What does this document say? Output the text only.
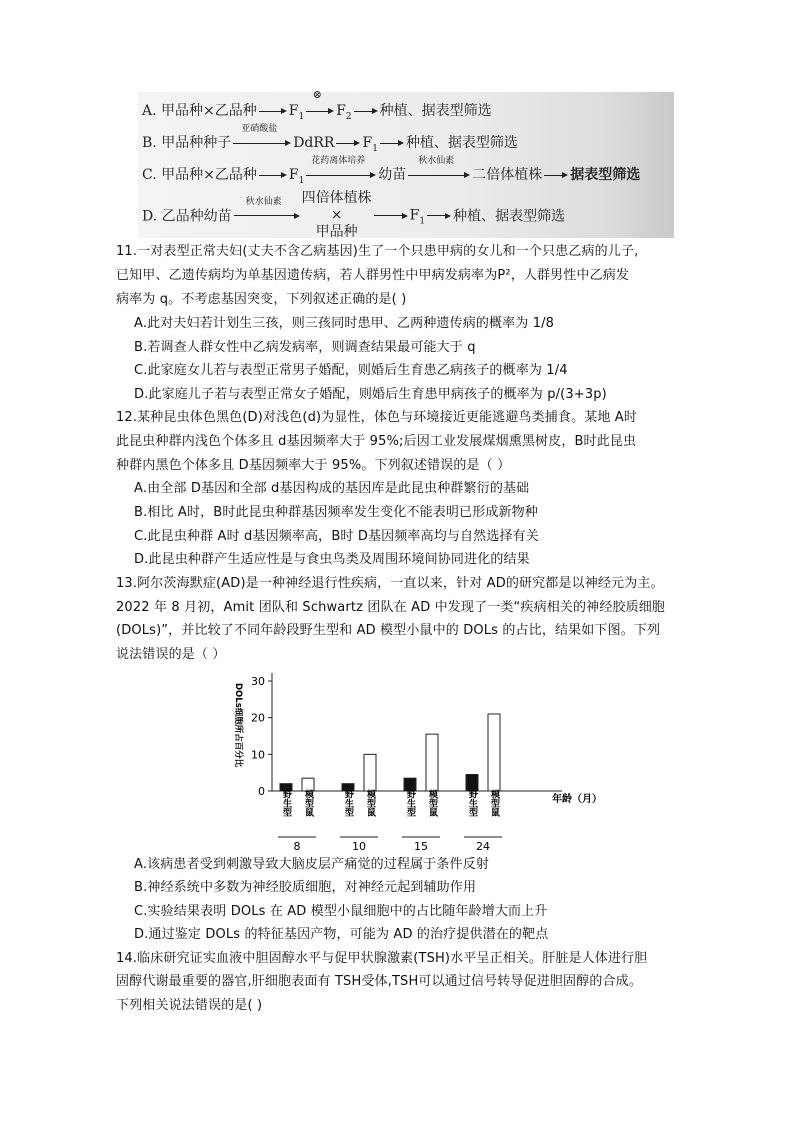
A. 甲品种×乙品种 $F_1$
⊗
$F_2$ 种植、据表型筛选
B. 甲品种种子
亚硝酸盐
DdRR $F_1$ 种植、据表型筛选
C. 甲品种×乙品种 $F_1$
花药离体培养
幼苗
秋水仙素
二倍体植株 据表型筛选
D. 乙品种幼苗
秋水仙素	四倍体植株
×
甲品种$F_1$ 种植、据表型筛选
11.一对表型正常夫妇(丈夫不含乙病基因)生了一个只患甲病的女儿和一个只患乙病的儿子,
已知甲、乙遗传病均为单基因遗传病，若人群男性中甲病发病率为P²，人群男性中乙病发
病率为 q。不考虑基因突变，下列叙述正确的是( )
A.此对夫妇若计划生三孩，则三孩同时患甲、乙两种遗传病的概率为 1/8
B.若调查人群女性中乙病发病率，则调查结果最可能大于 q
C.此家庭女儿若与表型正常男子婚配，则婚后生育患乙病孩子的概率为 1/4
D.此家庭儿子若与表型正常女子婚配，则婚后生育患甲病孩子的概率为 p/(3+3p)
12.某种昆虫体色黑色(D)对浅色(d)为显性，体色与环境接近更能逃避鸟类捕食。某地 A时
此昆虫种群内浅色个体多且 d基因频率大于 95%;后因工业发展煤烟熏黑树皮，B时此昆虫
种群内黑色个体多且 D基因频率大于 95%。下列叙述错误的是（ ）
A.由全部 D基因和全部 d基因构成的基因库是此昆虫种群繁衍的基础
B.相比 A时，B时此昆虫种群基因频率发生变化不能表明已形成新物种
C.此昆虫种群 A时 d基因频率高，B时 D基因频率高均与自然选择有关
D.此昆虫种群产生适应性是与食虫鸟类及周围环境间协同进化的结果
13.阿尔茨海默症(AD)是一种神经退行性疾病，一直以来，针对 AD的研究都是以神经元为主。
2022 年 8 月初，Amit 团队和 Schwartz 团队在 AD 中发现了一类“疾病相关的神经胶质细胞
(DOLs)”，并比较了不同年龄段野生型和 AD 模型小鼠中的 DOLs 的占比，结果如下图。下列
说法错误的是（ ）
0
10
20
30
DOLs细胞所占百分比
年龄（月）
野生型 模型鼠
8
野生型 模型鼠
10
野生型 模型鼠
15
野生型 模型鼠
24
A.该病患者受到刺激导致大脑皮层产痛觉的过程属于条件反射
B.神经系统中多数为神经胶质细胞，对神经元起到辅助作用
C.实验结果表明 DOLs 在 AD 模型小鼠细胞中的占比随年龄增大而上升
D.通过鉴定 DOLs 的特征基因产物，可能为 AD 的治疗提供潜在的靶点
14.临床研究证实血液中胆固醇水平与促甲状腺激素(TSH)水平呈正相关。肝脏是人体进行胆
固醇代谢最重要的器官,肝细胞表面有 TSH受体,TSH可以通过信号转导促进胆固醇的合成。
下列相关说法错误的是( )
